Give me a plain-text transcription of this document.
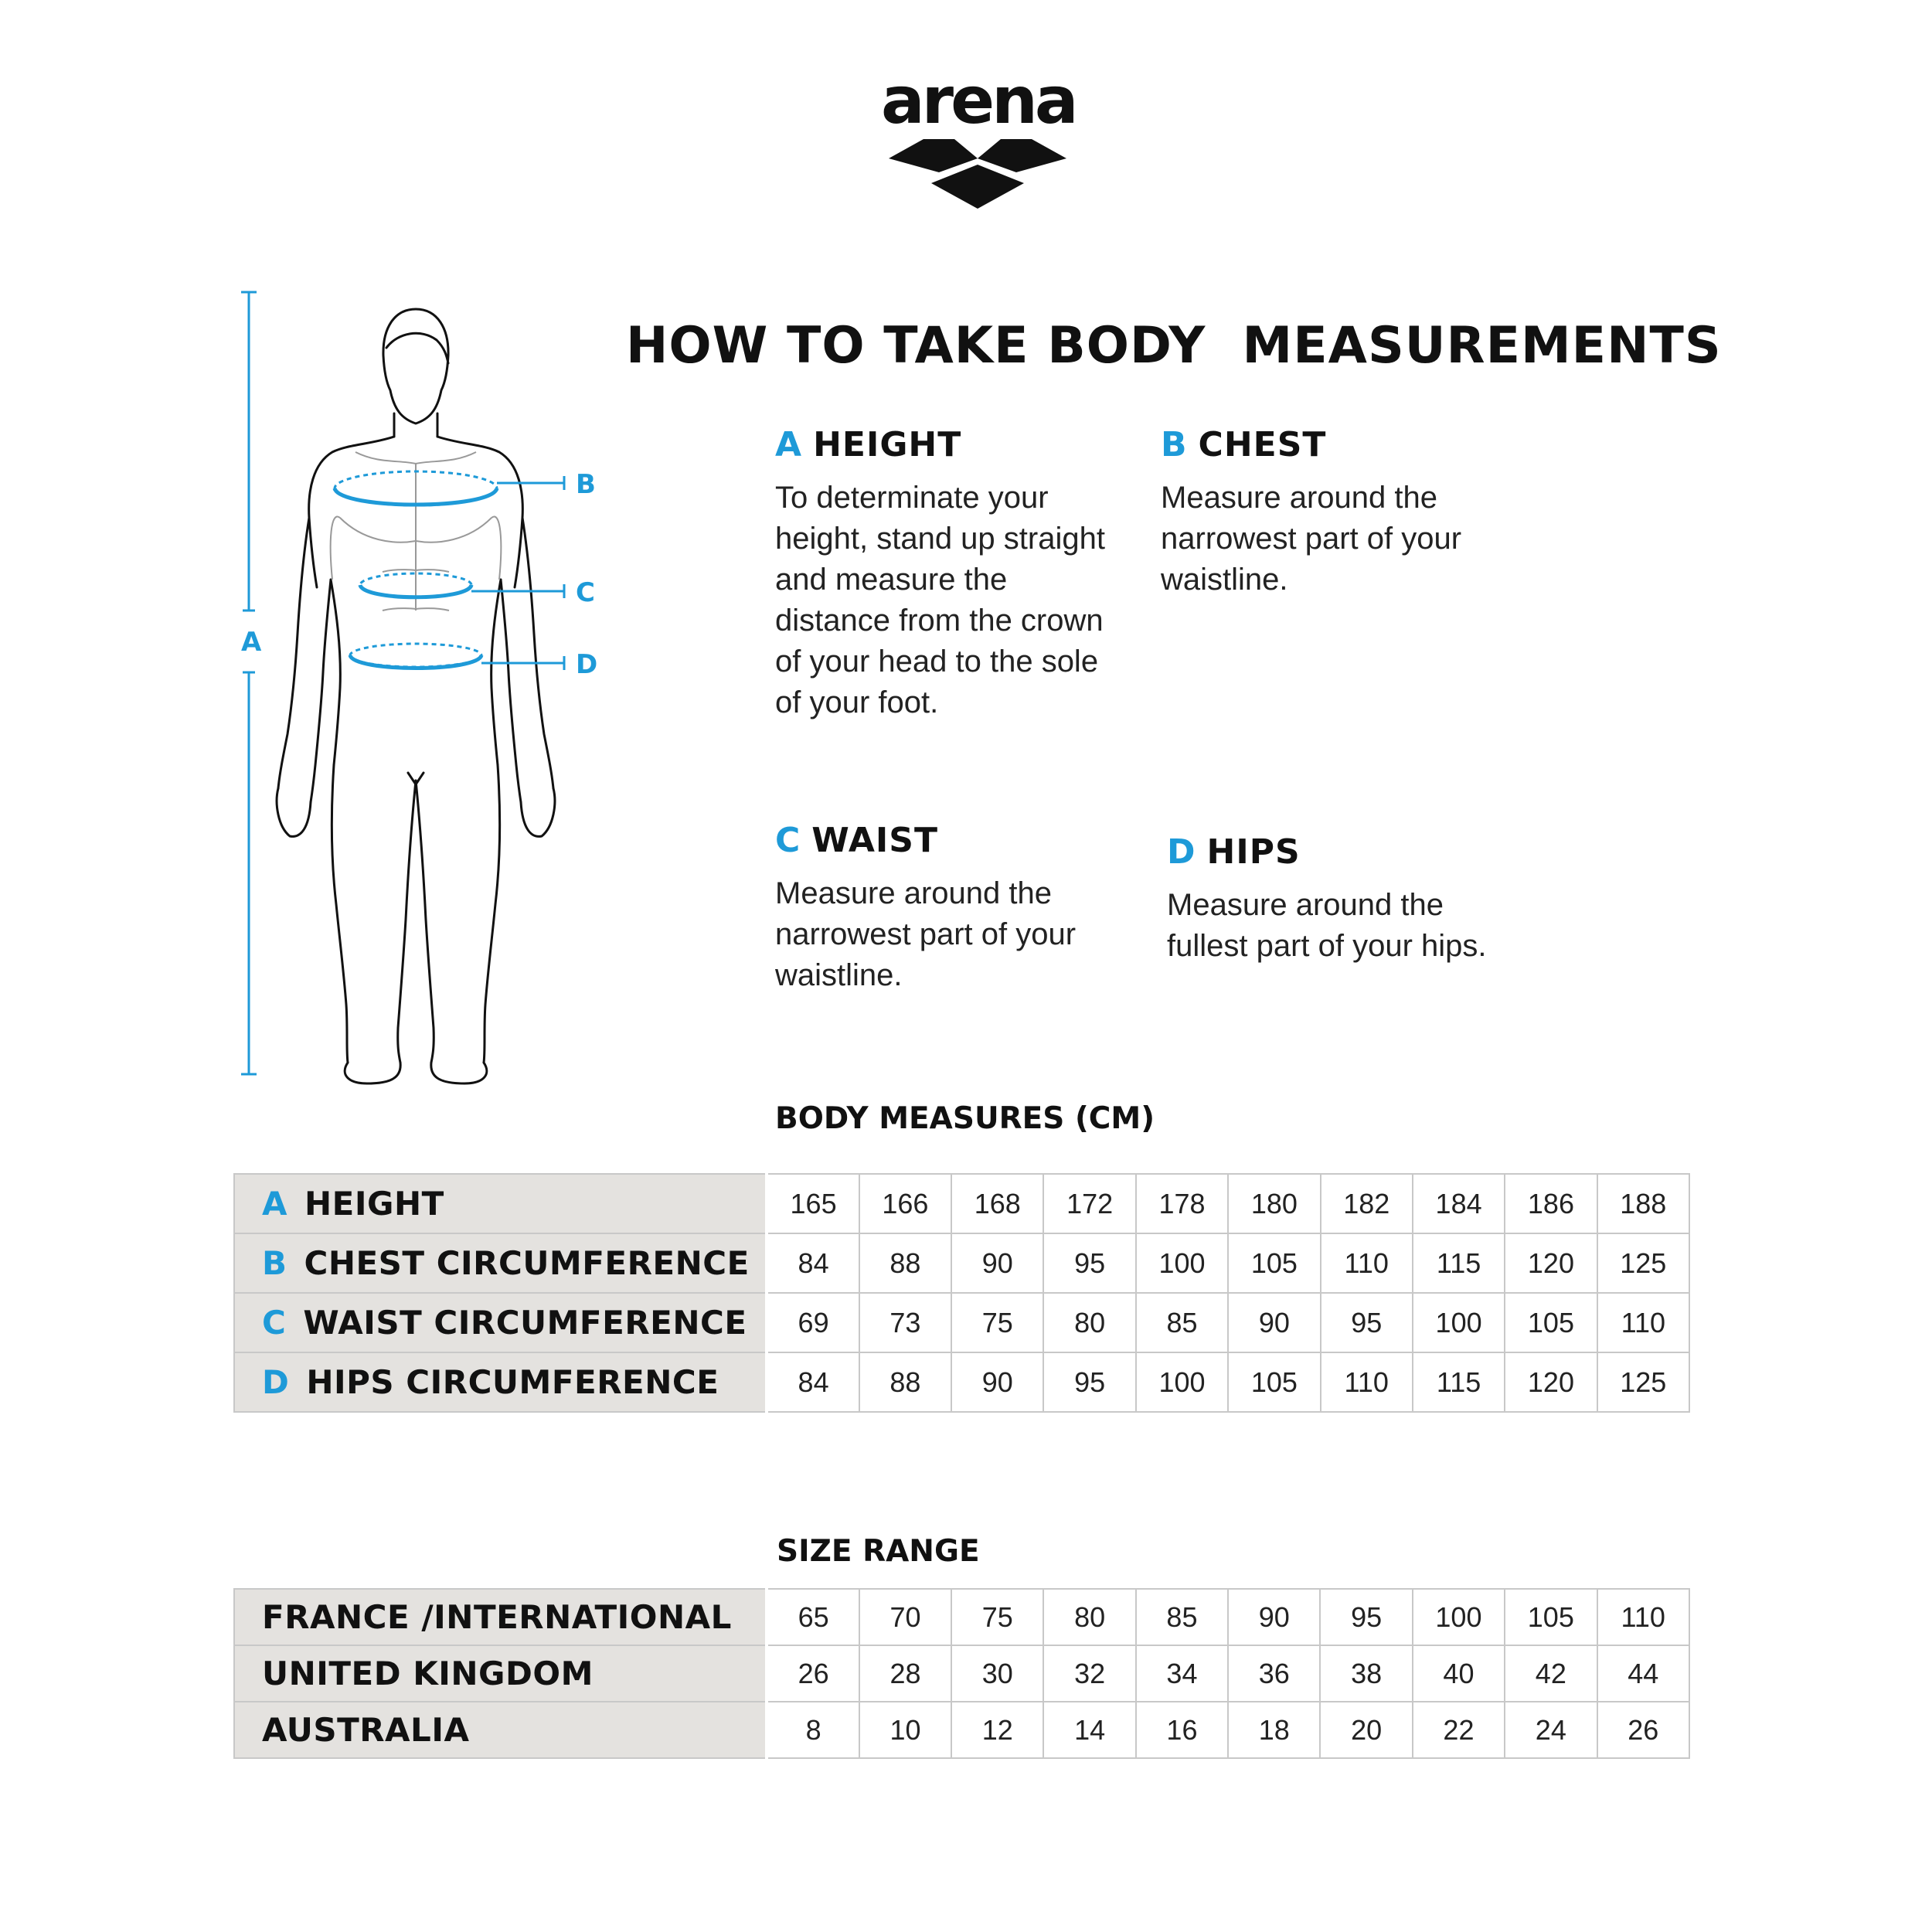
arena
A
B
C
D
HOW TO TAKE BODY  MEASUREMENTS
A HEIGHT

To determinate your height, stand up straight and measure the distance from the crown of your head to the sole of your foot.

B CHEST

Measure around the narrowest part of your waistline.

C WAIST

Measure around the narrowest part of your waistline.

D HIPS

Measure around the fullest part of your hips.

BODY MEASURES (CM)
A HEIGHT	165	166	168	172	178	180	182	184	186	188
B CHEST CIRCUMFERENCE	84	88	90	95	100	105	110	115	120	125
C WAIST CIRCUMFERENCE	69	73	75	80	85	90	95	100	105	110
D HIPS CIRCUMFERENCE	84	88	90	95	100	105	110	115	120	125
SIZE RANGE
FRANCE /INTERNATIONAL	65	70	75	80	85	90	95	100	105	110
UNITED KINGDOM	26	28	30	32	34	36	38	40	42	44
AUSTRALIA	8	10	12	14	16	18	20	22	24	26
